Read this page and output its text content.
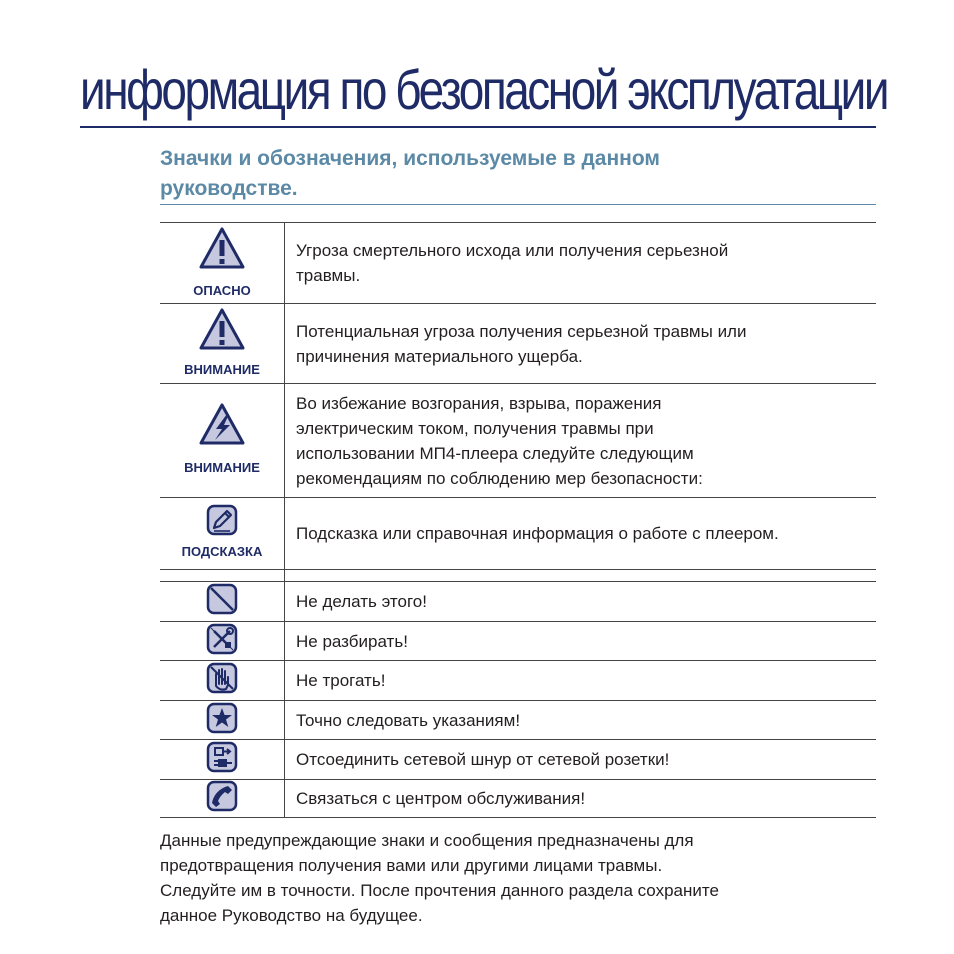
информация по безопасной эксплуатации
Значки и обозначения, используемые в данном
руководстве.
ОПАСНО	Угроза смертельного исхода или получения серьезной
травмы.

ВНИМАНИЕ	Потенциальная угроза получения серьезной травмы или
причинения материального ущерба.

ВНИМАНИЕ	Во избежание возгорания, взрыва, поражения
электрическим током, получения травмы при
использовании МП4-плеера следуйте следующим
рекомендациям по соблюдению мер безопасности:

ПОДСКАЗКА	Подсказка или справочная информация о работе с плеером.

	Не делать этого!
	Не разбирать!
	Не трогать!
	Точно следовать указаниям!
	Отсоединить сетевой шнур от сетевой розетки!
	Связаться с центром обслуживания!
Данные предупреждающие знаки и сообщения предназначены для
предотвращения получения вами или другими лицами травмы.
Следуйте им в точности. После прочтения данного раздела сохраните
данное Руководство на будущее.
